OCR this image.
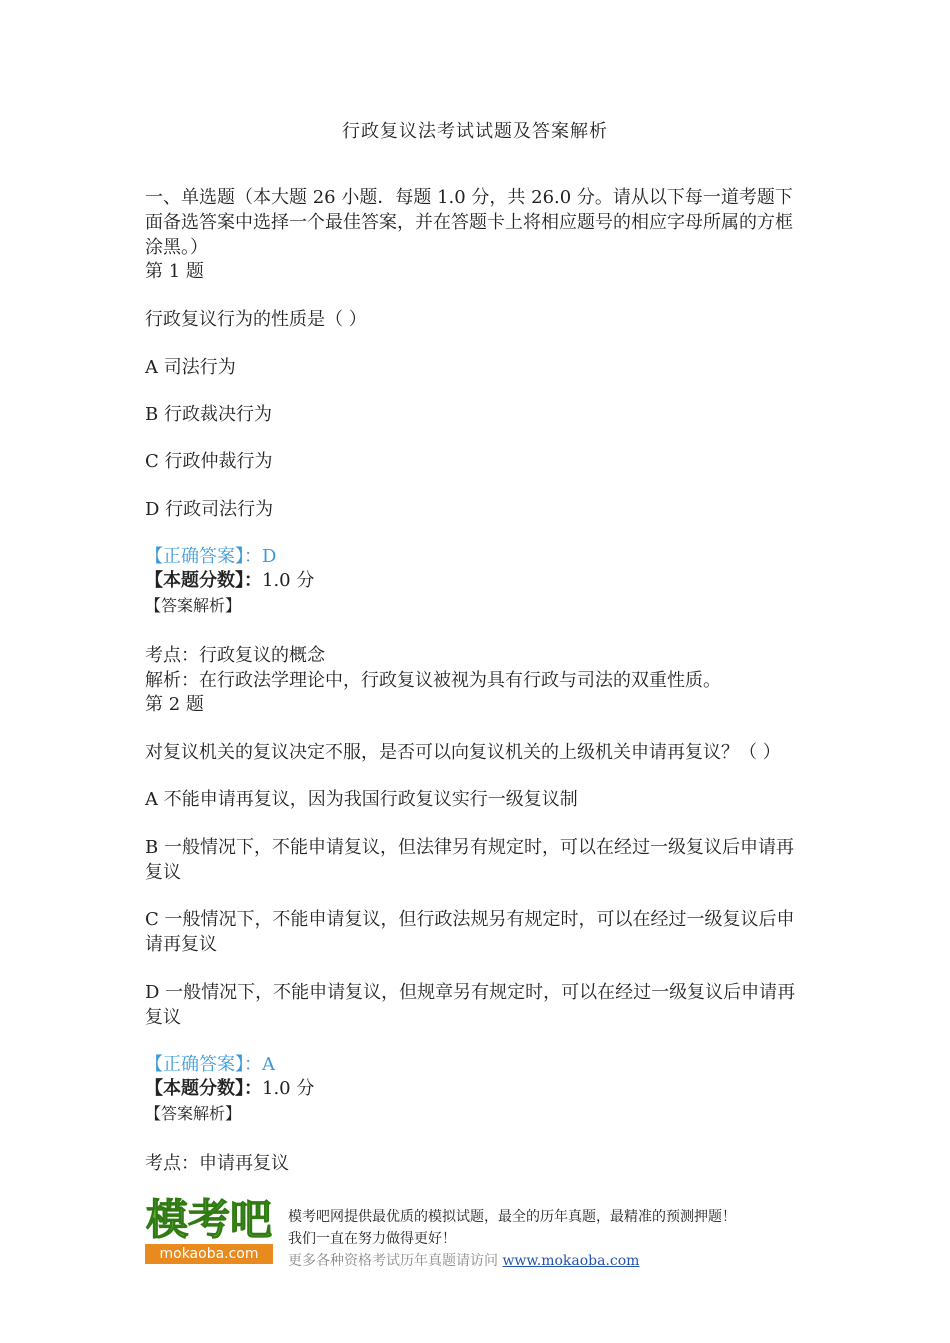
行政复议法考试试题及答案解析
一、单选题（本大题 26 小题．每题 1.0 分，共 26.0 分。请从以下每一道考题下面备选答案中选择一个最佳答案，并在答题卡上将相应题号的相应字母所属的方框涂黑。）
第 1 题
行政复议行为的性质是（ ）
A 司法行为
B 行政裁决行为
C 行政仲裁行为
D 行政司法行为
【正确答案】：D
【本题分数】：1.0 分
【答案解析】
考点：行政复议的概念
解析：在行政法学理论中，行政复议被视为具有行政与司法的双重性质。
第 2 题
对复议机关的复议决定不服，是否可以向复议机关的上级机关申请再复议？（ ）
A 不能申请再复议，因为我国行政复议实行一级复议制
B 一般情况下，不能申请复议，但法律另有规定时，可以在经过一级复议后申请再复议
C 一般情况下，不能申请复议，但行政法规另有规定时，可以在经过一级复议后申请再复议
D 一般情况下，不能申请复议，但规章另有规定时，可以在经过一级复议后申请再复议
【正确答案】：A
【本题分数】：1.0 分
【答案解析】
考点：申请再复议
模考吧
mokaoba.com
模考吧网提供最优质的模拟试题，最全的历年真题，最精准的预测押题！
我们一直在努力做得更好！
更多各种资格考试历年真题请访问 www.mokaoba.com
